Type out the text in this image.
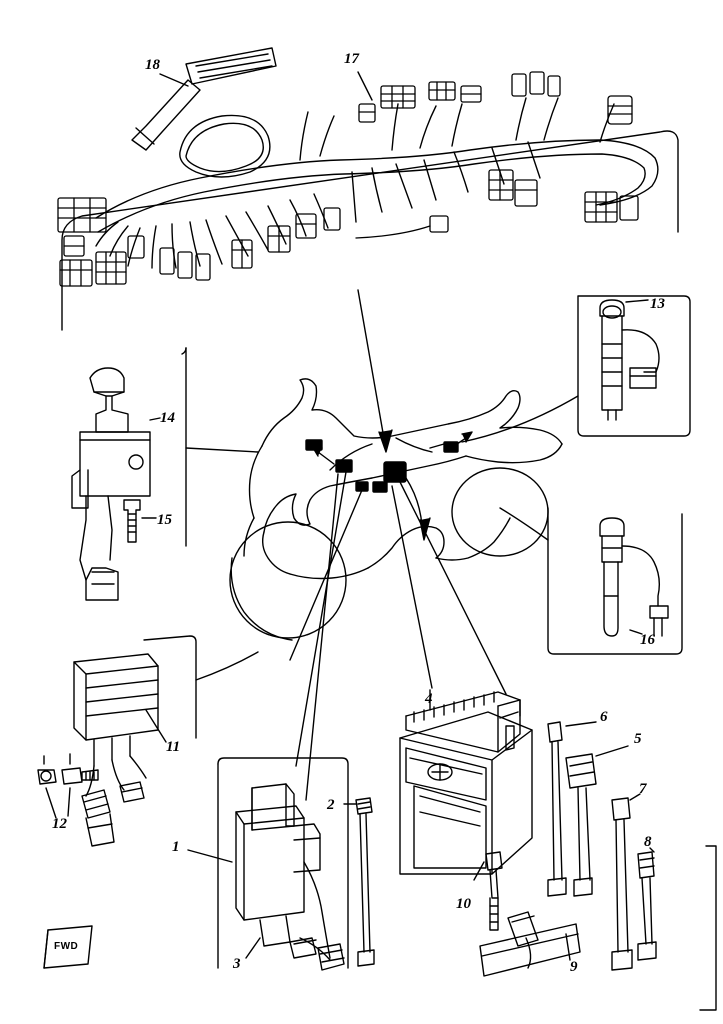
18	17
13
14
15
16
11
12
1
2
3
4
5
6
7
8
9
10
FWD
